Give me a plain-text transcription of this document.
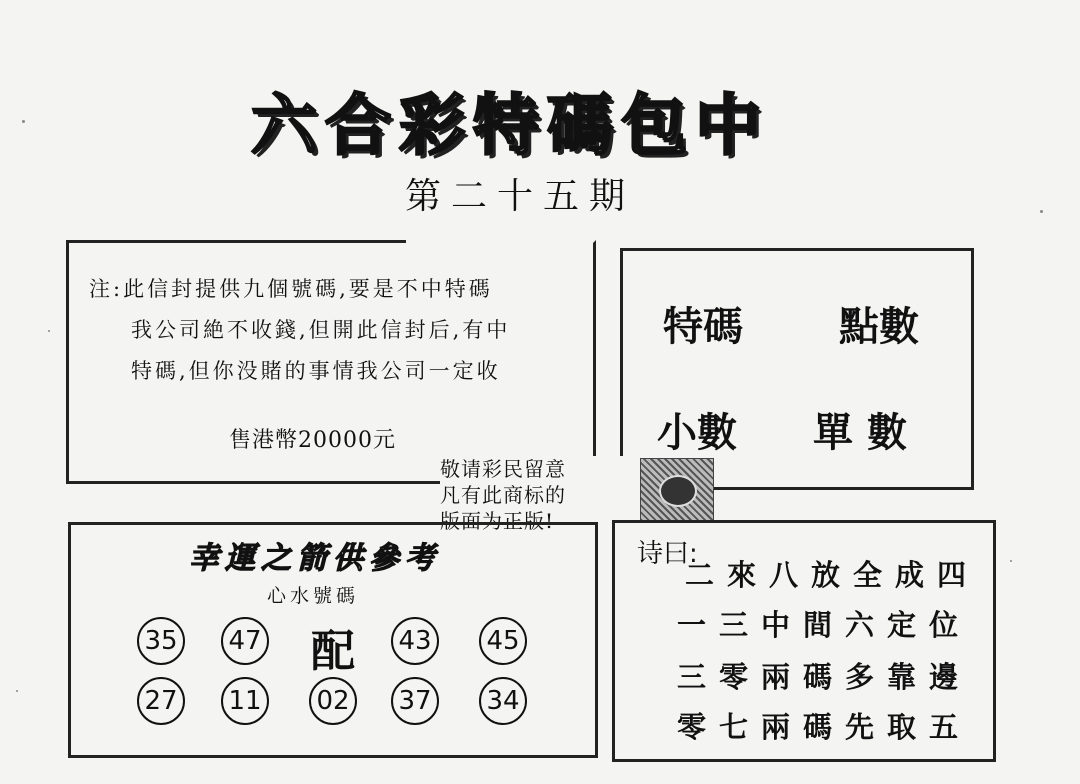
六合彩特碼包中
第二十五期
注:此信封提供九個號碼,要是不中特碼
我公司絶不收錢,但開此信封后,有中
特碼,但你没賭的事情我公司一定收
售港幣20000元
特碼 點數
小數 單數
敬请彩民留意
凡有此商标的
版面为正版!
幸運之箭供參考
心水號碼
35 47 配 43 45
27 11 02 37 34
诗曰:
二來八放全成四
一三中間六定位
三零兩碼多靠邊
零七兩碼先取五
